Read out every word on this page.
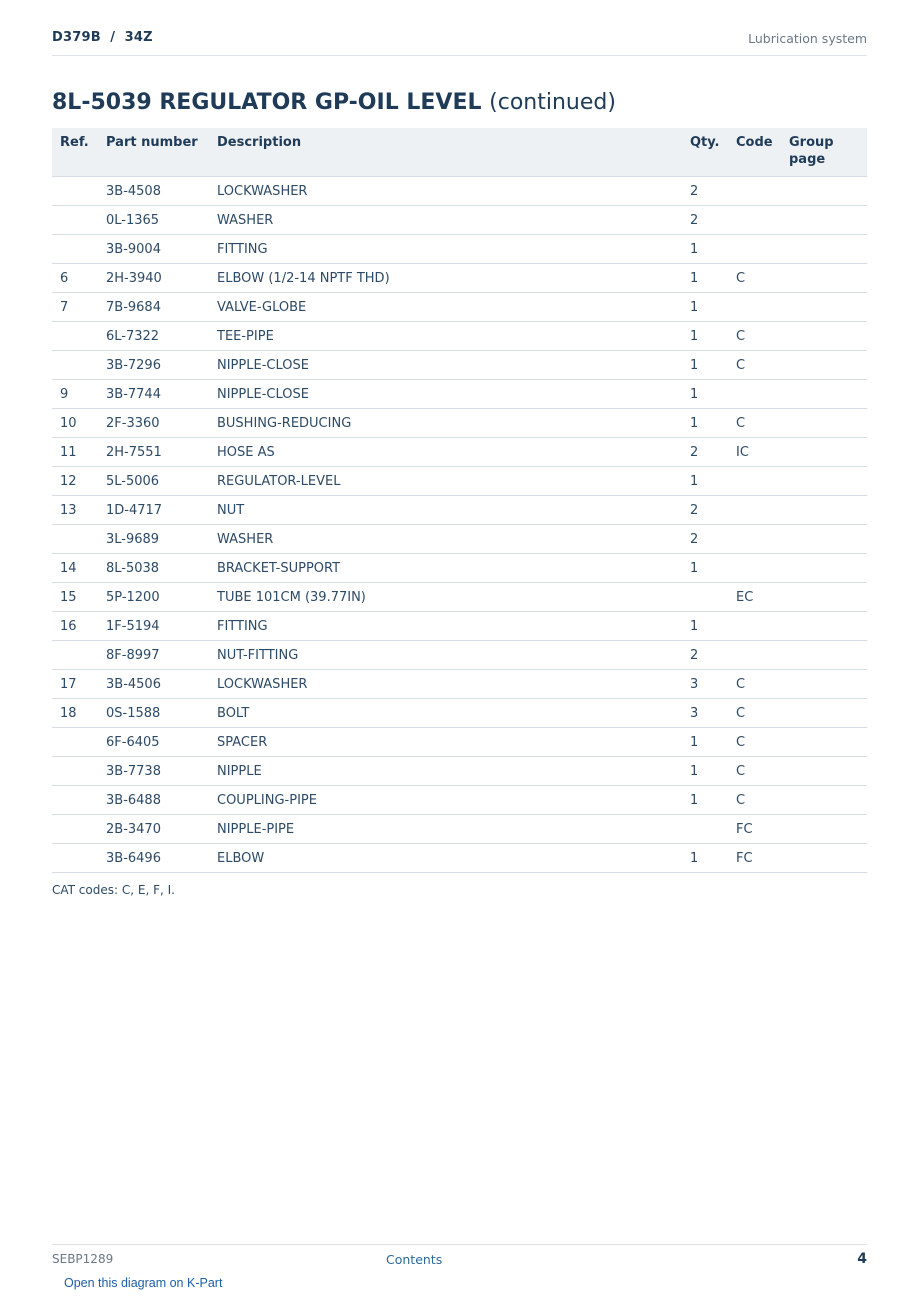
D379B  /  34Z	Lubrication system
8L-5039 REGULATOR GP-OIL LEVEL (continued)
Ref.	Part number	Description	Qty.	Code	Group page
	3B-4508	LOCKWASHER	2		
	0L-1365	WASHER	2		
	3B-9004	FITTING	1		
6	2H-3940	ELBOW (1/2-14 NPTF THD)	1	C	
7	7B-9684	VALVE-GLOBE	1		
	6L-7322	TEE-PIPE	1	C	
	3B-7296	NIPPLE-CLOSE	1	C	
9	3B-7744	NIPPLE-CLOSE	1		
10	2F-3360	BUSHING-REDUCING	1	C	
11	2H-7551	HOSE AS	2	IC	
12	5L-5006	REGULATOR-LEVEL	1		
13	1D-4717	NUT	2		
	3L-9689	WASHER	2		
14	8L-5038	BRACKET-SUPPORT	1		
15	5P-1200	TUBE 101CM (39.77IN)		EC	
16	1F-5194	FITTING	1		
	8F-8997	NUT-FITTING	2		
17	3B-4506	LOCKWASHER	3	C	
18	0S-1588	BOLT	3	C	
	6F-6405	SPACER	1	C	
	3B-7738	NIPPLE	1	C	
	3B-6488	COUPLING-PIPE	1	C	
	2B-3470	NIPPLE-PIPE		FC	
	3B-6496	ELBOW	1	FC	
CAT codes: C, E, F, I.
SEBP1289	Contents	4
Open this diagram on K-Part
